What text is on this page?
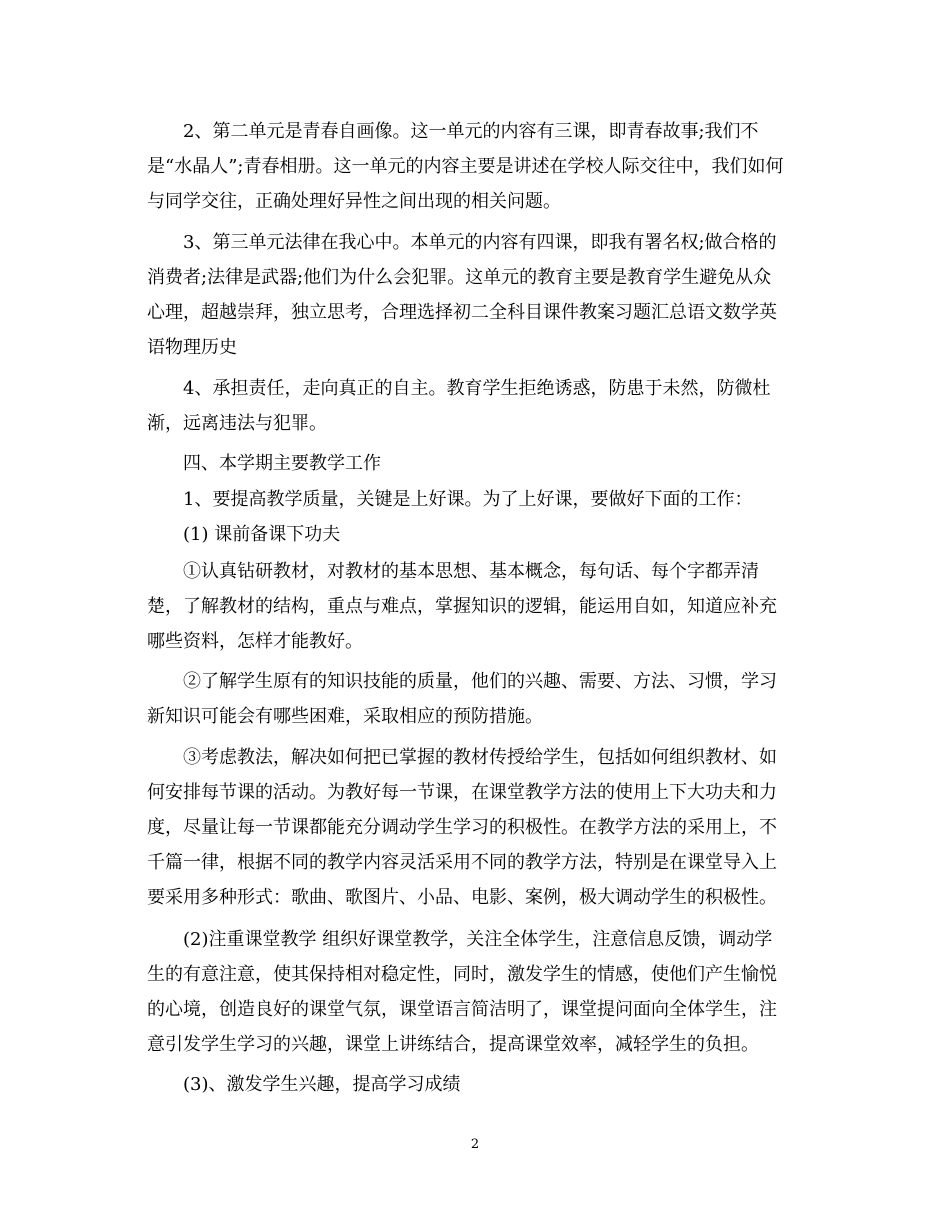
2、第二单元是青春自画像。这一单元的内容有三课，即青春故事;我们不
是“水晶人”;青春相册。这一单元的内容主要是讲述在学校人际交往中，我们如何
与同学交往，正确处理好异性之间出现的相关问题。
3、第三单元法律在我心中。本单元的内容有四课，即我有署名权;做合格的
消费者;法律是武器;他们为什么会犯罪。这单元的教育主要是教育学生避免从众
心理，超越崇拜，独立思考，合理选择初二全科目课件教案习题汇总语文数学英
语物理历史
4、承担责任，走向真正的自主。教育学生拒绝诱惑，防患于未然，防微杜
渐，远离违法与犯罪。
四、本学期主要教学工作
1、要提高教学质量，关键是上好课。为了上好课，要做好下面的工作：
(1) 课前备课下功夫
①认真钻研教材，对教材的基本思想、基本概念，每句话、每个字都弄清
楚，了解教材的结构，重点与难点，掌握知识的逻辑，能运用自如，知道应补充
哪些资料，怎样才能教好。
②了解学生原有的知识技能的质量，他们的兴趣、需要、方法、习惯，学习
新知识可能会有哪些困难，采取相应的预防措施。
③考虑教法，解决如何把已掌握的教材传授给学生，包括如何组织教材、如
何安排每节课的活动。为教好每一节课，在课堂教学方法的使用上下大功夫和力
度，尽量让每一节课都能充分调动学生学习的积极性。在教学方法的采用上，不
千篇一律，根据不同的教学内容灵活采用不同的教学方法，特别是在课堂导入上
要采用多种形式：歌曲、歌图片、小品、电影、案例，极大调动学生的积极性。
(2)注重课堂教学 组织好课堂教学，关注全体学生，注意信息反馈，调动学
生的有意注意，使其保持相对稳定性，同时，激发学生的情感，使他们产生愉悦
的心境，创造良好的课堂气氛，课堂语言简洁明了，课堂提问面向全体学生，注
意引发学生学习的兴趣，课堂上讲练结合，提高课堂效率，减轻学生的负担。
(3)、激发学生兴趣，提高学习成绩
2
